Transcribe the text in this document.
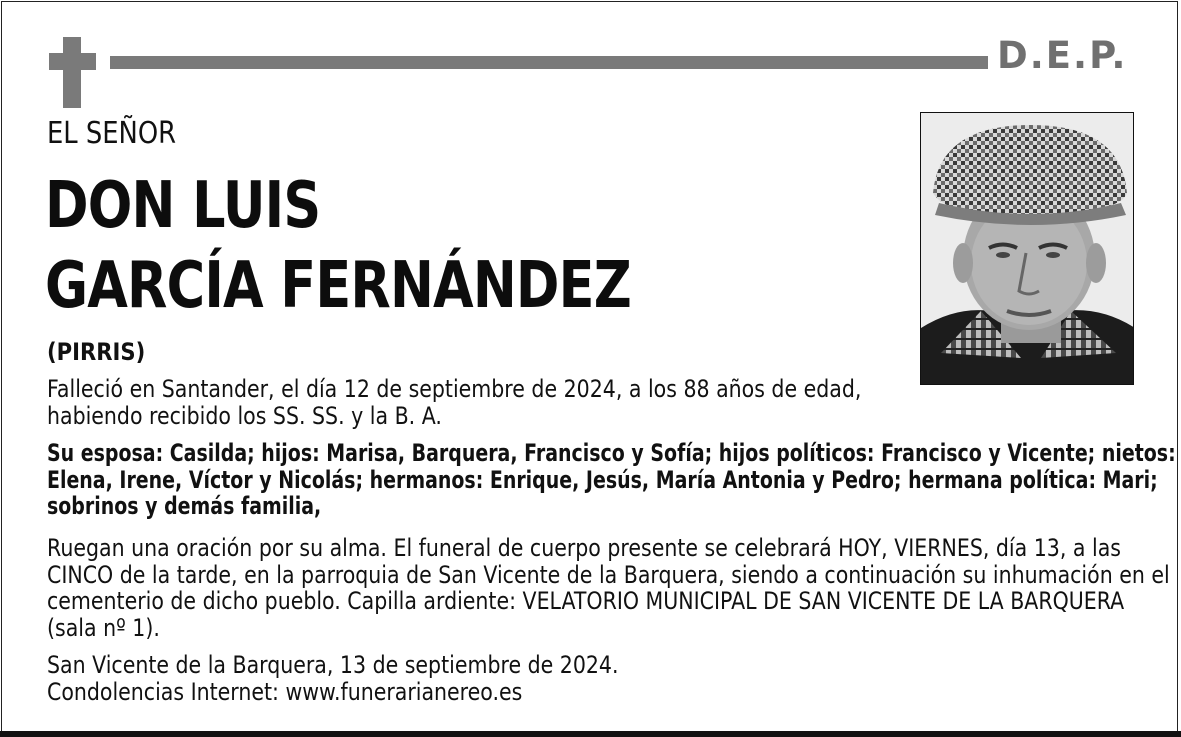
D.E.P.
EL SEÑOR
DON LUIS
GARCÍA FERNÁNDEZ
(PIRRIS)
Falleció en Santander, el día 12 de septiembre de 2024, a los 88 años de edad,
habiendo recibido los SS. SS. y la B. A.
Su esposa: Casilda; hijos: Marisa, Barquera, Francisco y Sofía; hijos políticos: Francisco y Vicente; nietos:
Elena, Irene, Víctor y Nicolás; hermanos: Enrique, Jesús, María Antonia y Pedro; hermana política: Mari;
sobrinos y demás familia,
Ruegan una oración por su alma. El funeral de cuerpo presente se celebrará HOY, VIERNES, día 13, a las
CINCO de la tarde, en la parroquia de San Vicente de la Barquera, siendo a continuación su inhumación en el
cementerio de dicho pueblo. Capilla ardiente: VELATORIO MUNICIPAL DE SAN VICENTE DE LA BARQUERA
(sala nº 1).
San Vicente de la Barquera, 13 de septiembre de 2024.
Condolencias Internet: www.funerarianereo.es
